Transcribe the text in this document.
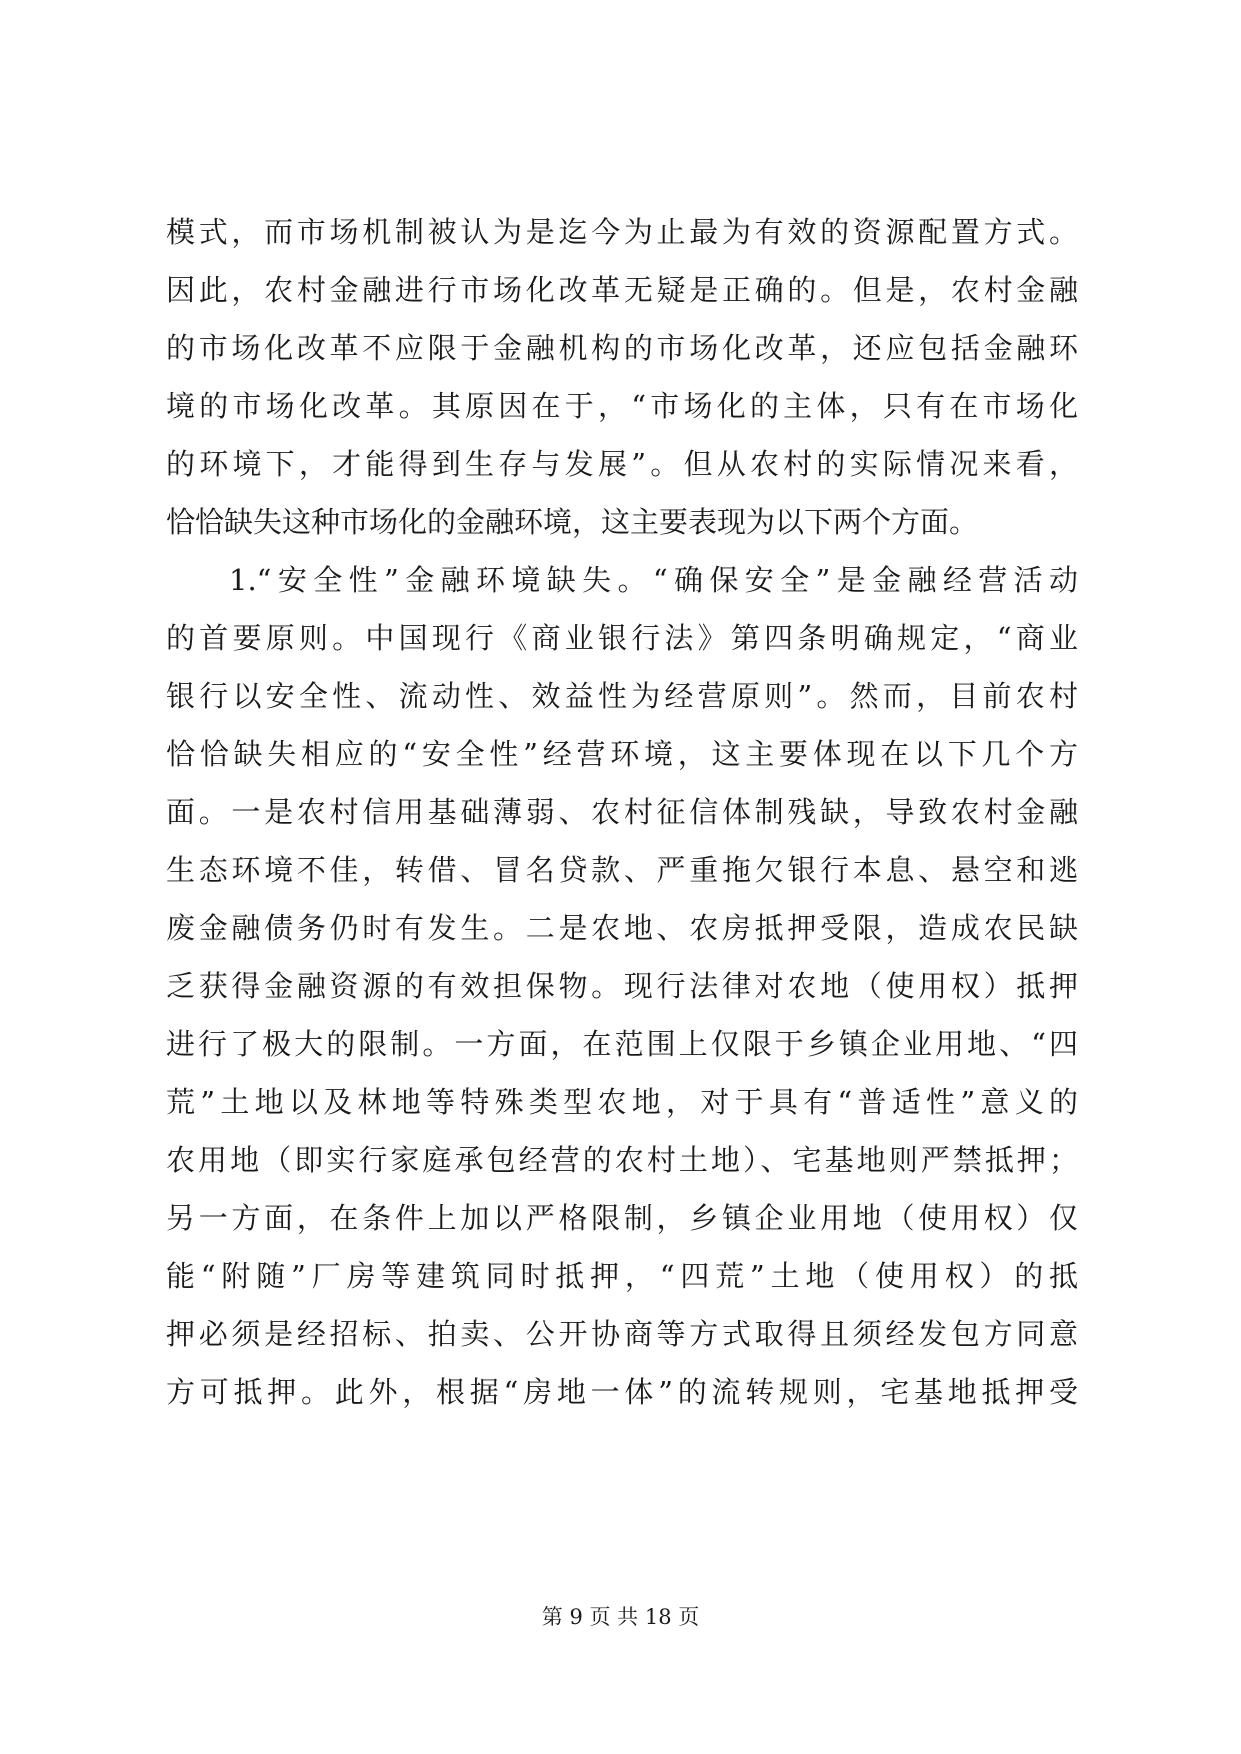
模式，而市场机制被认为是迄今为止最为有效的资源配置方式。
因此，农村金融进行市场化改革无疑是正确的。但是，农村金融
的市场化改革不应限于金融机构的市场化改革，还应包括金融环
境的市场化改革。其原因在于，“市场化的主体，只有在市场化
的环境下，才能得到生存与发展”。但从农村的实际情况来看，
恰恰缺失这种市场化的金融环境，这主要表现为以下两个方面。
1.“安全性”金融环境缺失。“确保安全”是金融经营活动
的首要原则。中国现行《商业银行法》第四条明确规定，“商业
银行以安全性、流动性、效益性为经营原则”。然而，目前农村
恰恰缺失相应的“安全性”经营环境，这主要体现在以下几个方
面。一是农村信用基础薄弱、农村征信体制残缺，导致农村金融
生态环境不佳，转借、冒名贷款、严重拖欠银行本息、悬空和逃
废金融债务仍时有发生。二是农地、农房抵押受限，造成农民缺
乏获得金融资源的有效担保物。现行法律对农地（使用权）抵押
进行了极大的限制。一方面，在范围上仅限于乡镇企业用地、“四
荒”土地以及林地等特殊类型农地，对于具有“普适性”意义的
农用地（即实行家庭承包经营的农村土地）、宅基地则严禁抵押；
另一方面，在条件上加以严格限制，乡镇企业用地（使用权）仅
能“附随”厂房等建筑同时抵押，“四荒”土地（使用权）的抵
押必须是经招标、拍卖、公开协商等方式取得且须经发包方同意
方可抵押。此外，根据“房地一体”的流转规则，宅基地抵押受
第 9 页 共 18 页
